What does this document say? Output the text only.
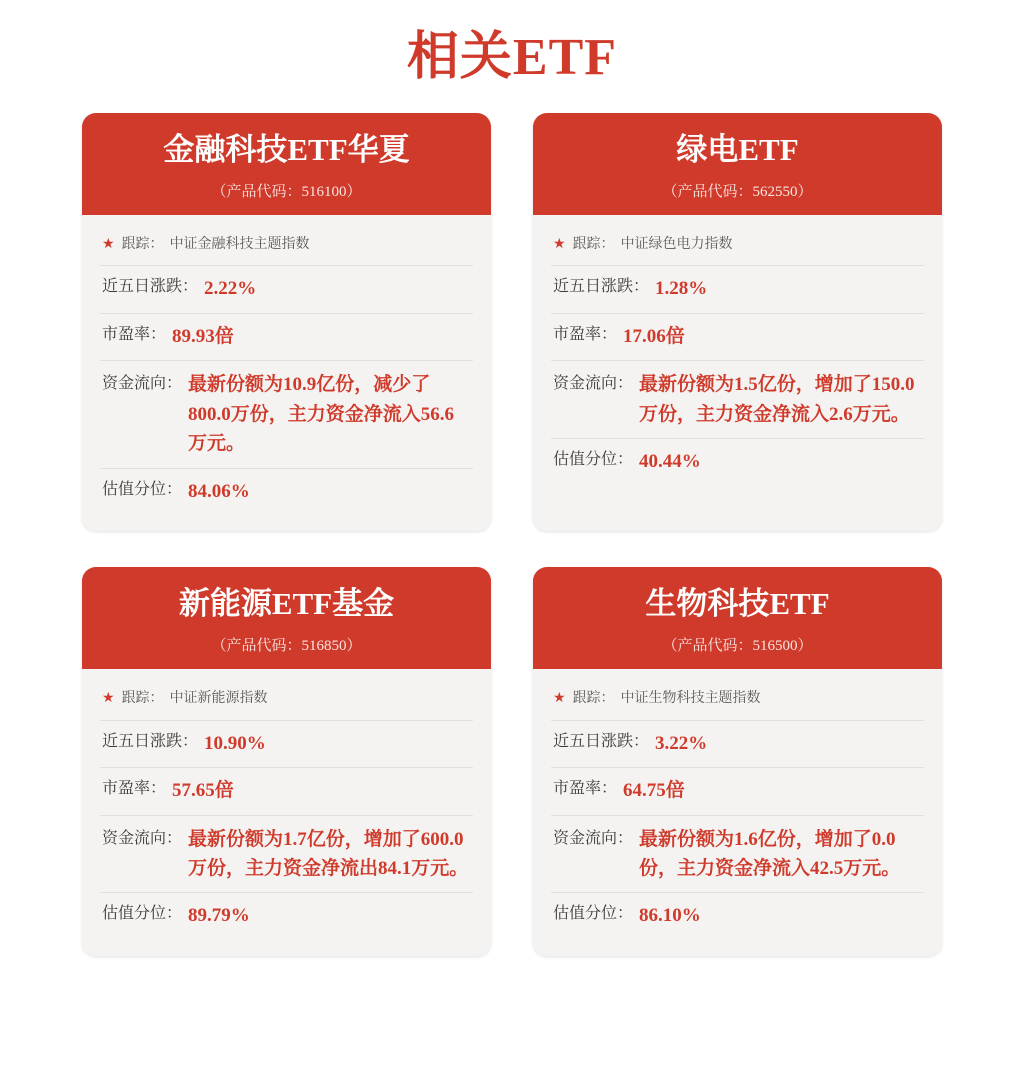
相关ETF
金融科技ETF华夏
（产品代码：516100）
★ 跟踪： 中证金融科技主题指数
近五日涨跌： 2.22%
市盈率： 89.93倍
资金流向： 最新份额为10.9亿份，减少了800.0万份，主力资金净流入56.6万元。
估值分位： 84.06%
绿电ETF
（产品代码：562550）
★ 跟踪： 中证绿色电力指数
近五日涨跌： 1.28%
市盈率： 17.06倍
资金流向： 最新份额为1.5亿份，增加了150.0万份，主力资金净流入2.6万元。
估值分位： 40.44%
新能源ETF基金
（产品代码：516850）
★ 跟踪： 中证新能源指数
近五日涨跌： 10.90%
市盈率： 57.65倍
资金流向： 最新份额为1.7亿份，增加了600.0万份，主力资金净流出84.1万元。
估值分位： 89.79%
生物科技ETF
（产品代码：516500）
★ 跟踪： 中证生物科技主题指数
近五日涨跌： 3.22%
市盈率： 64.75倍
资金流向： 最新份额为1.6亿份，增加了0.0份，主力资金净流入42.5万元。
估值分位： 86.10%
